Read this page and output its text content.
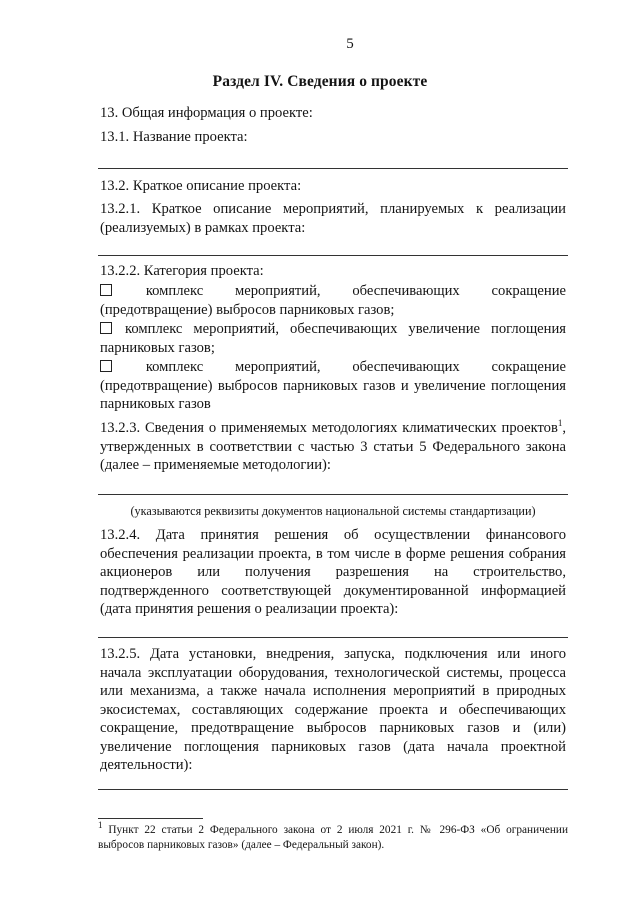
5
Раздел IV. Сведения о проекте
13. Общая информация о проекте:
13.1. Название проекта:
13.2. Краткое описание проекта:
13.2.1. Краткое описание мероприятий, планируемых к реализации (реализуемых) в рамках проекта:
13.2.2. Категория проекта:
комплекс мероприятий, обеспечивающих сокращение (предотвращение) выбросов парниковых газов;
комплекс мероприятий, обеспечивающих увеличение поглощения парниковых газов;
комплекс мероприятий, обеспечивающих сокращение (предотвращение) выбросов парниковых газов и увеличение поглощения парниковых газов
13.2.3. Сведения о применяемых методологиях климатических проектов$^1$, утвержденных в соответствии с частью 3 статьи 5 Федерального закона (далее – применяемые методологии):
(указываются реквизиты документов национальной системы стандартизации)
13.2.4. Дата принятия решения об осуществлении финансового обеспечения реализации проекта, в том числе в форме решения собрания акционеров или получения разрешения на строительство, подтвержденного соответствующей документированной информацией (дата принятия решения о реализации проекта):
13.2.5. Дата установки, внедрения, запуска, подключения или иного начала эксплуатации оборудования, технологической системы, процесса или механизма, а также начала исполнения мероприятий в природных экосистемах, составляющих содержание проекта и обеспечивающих сокращение, предотвращение выбросов парниковых газов и (или) увеличение поглощения парниковых газов (дата начала проектной деятельности):
$^1$ Пункт 22 статьи 2 Федерального закона от 2 июля 2021 г. № 296-ФЗ «Об ограничении выбросов парниковых газов» (далее – Федеральный закон).
